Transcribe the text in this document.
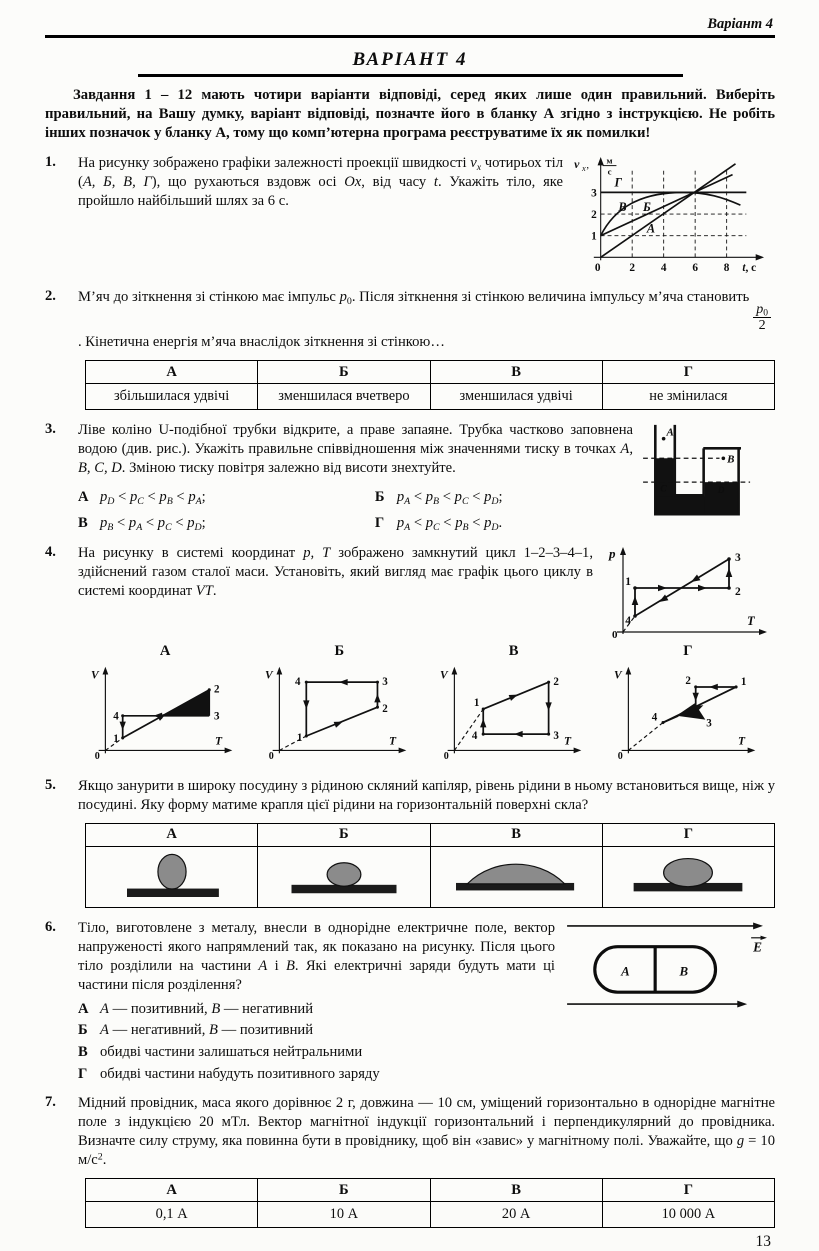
Варіант 4
ВАРІАНТ 4

Завдання 1 – 12 мають чотири варіанти відповіді, серед яких лише один правильний. Виберіть правильний, на Вашу думку, варіант відповіді, позначте його в бланку А згідно з інструкцією. Не робіть інших позначок у бланку А, тому що комп’ютерна програма реєструватиме їх як помилки!

1.	На рисунку зображено графіки залежності проекції швидкості $v_x$ чотирьох тіл (А, Б, В, Г), що рухаються вздовж осі Ox, від часу t. Укажіть тіло, яке пройшло найбільший шлях за 6 с.
0	2 4 6 8
1
2
3
Г
В Б
А
v x , м
с
t, с
2.	М’яч до зіткнення зі стінкою має імпульс $p_0$. Після зіткнення зі стінкою величина імпульсу м’яча становить
$\frac{p_0}{2}$
. Кінетична енергія м’яча внаслідок зіткнення зі стінкою…
А	Б	В	Г
збільшилася удвічі	зменшилася вчетверо	зменшилася удвічі	не змінилася
3.	Ліве коліно U-подібної трубки відкрите, а праве запаяне. Трубка частково заповнена водою (див. рис.). Укажіть правильне співвідношення між значеннями тиску в точках A, B, C, D. Зміною тиску повітря залежно від висоти знехтуйте.
А $p_D < p_C < p_B < p_A$;	Б $p_A < p_B < p_C < p_D$;
В $p_B < p_A < p_C < p_D$;	Г $p_A < p_C < p_B < p_D$.
A
B
C	D
4.	На рисунку в системі координат p, T зображено замкнутий цикл 1–2–3–4–1, здійснений газом сталої маси. Установіть, який вигляд має графік цього циклу в системі координат VT.
1
2
3
4
p
T
0
А
1
2
3
4
V
T
0
Б
1
2
3
4
V
T
0
В
1
2
3
4
V
T
0
Г
1
2
3
4
V
T
0
5.	Якщо занурити в широку посудину з рідиною скляний капіляр, рівень рідини в ньому встановиться вище, ніж у посудині. Яку форму матиме крапля цієї рідини на горизонтальній поверхні скла?
А	Б	В	Г

6.	Тіло, виготовлене з металу, внесли в однорідне електричне поле, вектор напруженості якого напрямлений так, як показано на рисунку. Після цього тіло розділили на частини A і B. Які електричні заряди будуть мати ці частини після розділення?
А A — позитивний, B — негативний
Б A — негативний, B — позитивний
В обидві частини залишаться нейтральними
Г обидві частини набудуть позитивного заряду
E
A	B
7.	Мідний провідник, маса якого дорівнює 2 г, довжина — 10 см, уміщений горизонтально в однорідне магнітне поле з індукцією 20 мТл. Вектор магнітної індукції горизонтальний і перпендикулярний до провідника. Визначте силу струму, яка повинна бути в провіднику, щоб він «завис» у магнітному полі. Уважайте, що g = 10 $м/с^2$.
А	Б	В	Г
0,1 А	10 А	20 А	10 000 А
13
